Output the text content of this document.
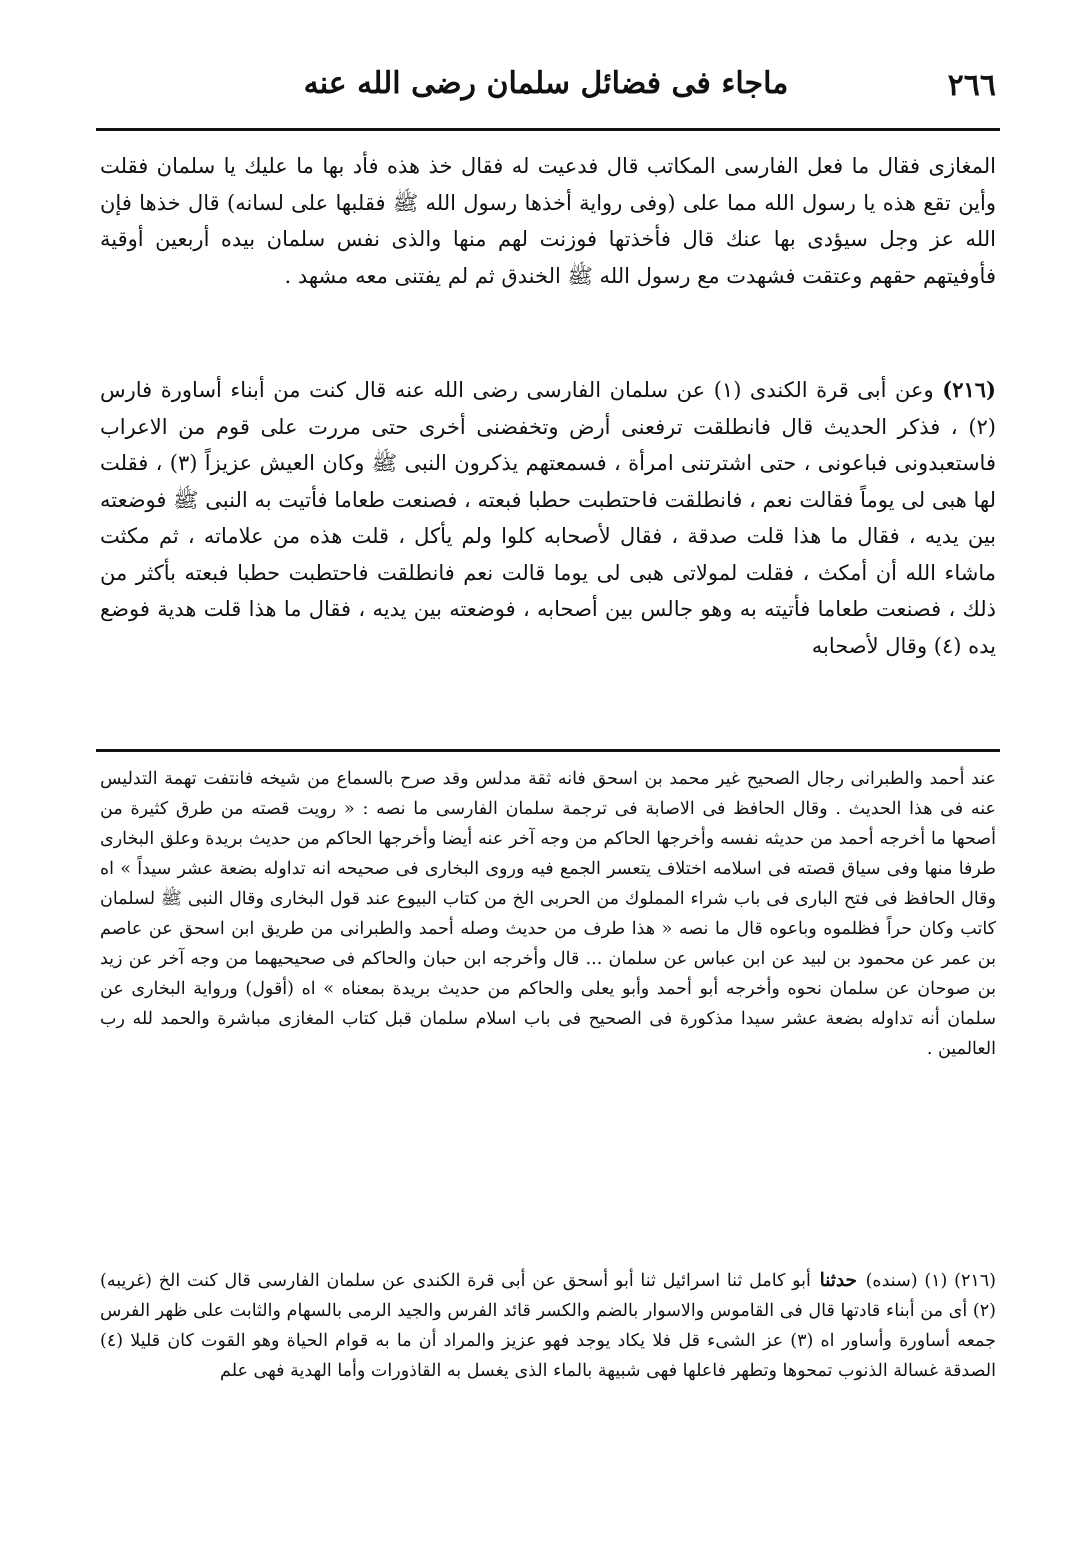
٢٦٦
ماجاء فى فضائل سلمان رضى الله عنه

المغازى فقال ما فعل الفارسى المكاتب قال فدعيت له فقال خذ هذه فأد بها ما عليك يا سلمان فقلت وأين تقع هذه يا رسول الله مما على (وفى رواية أخذها رسول الله ﷺ فقلبها على لسانه) قال خذها فإن الله عز وجل سيؤدى بها عنك قال فأخذتها فوزنت لهم منها والذى نفس سلمان بيده أربعين أوقية فأوفيتهم حقهم وعتقت فشهدت مع رسول الله ﷺ الخندق ثم لم يفتنى معه مشهد .

(٢١٦) وعن أبى قرة الكندى (١) عن سلمان الفارسى رضى الله عنه قال كنت من أبناء أساورة فارس (٢) ، فذكر الحديث قال فانطلقت ترفعنى أرض وتخفضنى أخرى حتى مررت على قوم من الاعراب فاستعبدونى فباعونى ، حتى اشترتنى امرأة ، فسمعتهم يذكرون النبى ﷺ وكان العيش عزيزاً (٣) ، فقلت لها هبى لى يوماً فقالت نعم ، فانطلقت فاحتطبت حطبا فبعته ، فصنعت طعاما فأتيت به النبى ﷺ فوضعته بين يديه ، فقال ما هذا قلت صدقة ، فقال لأصحابه كلوا ولم يأكل ، قلت هذه من علاماته ، ثم مكثت ماشاء الله أن أمكث ، فقلت لمولاتى هبى لى يوما قالت نعم فانطلقت فاحتطبت حطبا فبعته بأكثر من ذلك ، فصنعت طعاما فأتيته به وهو جالس بين أصحابه ، فوضعته بين يديه ، فقال ما هذا قلت هدية فوضع يده (٤) وقال لأصحابه

عند أحمد والطبرانى رجال الصحيح غير محمد بن اسحق فانه ثقة مدلس وقد صرح بالسماع من شيخه فانتفت تهمة التدليس عنه فى هذا الحديث . وقال الحافظ فى الاصابة فى ترجمة سلمان الفارسى ما نصه : « رويت قصته من طرق كثيرة من أصحها ما أخرجه أحمد من حديثه نفسه وأخرجها الحاكم من وجه آخر عنه أيضا وأخرجها الحاكم من حديث بريدة وعلق البخارى طرفا منها وفى سياق قصته فى اسلامه اختلاف يتعسر الجمع فيه وروى البخارى فى صحيحه انه تداوله بضعة عشر سيداً » اه وقال الحافظ فى فتح البارى فى باب شراء المملوك من الحربى الخ من كتاب البيوع عند قول البخارى وقال النبى ﷺ لسلمان كاتب وكان حراً فظلموه وباعوه قال ما نصه « هذا طرف من حديث وصله أحمد والطبرانى من طريق ابن اسحق عن عاصم بن عمر عن محمود بن لبيد عن ابن عباس عن سلمان ... قال وأخرجه ابن حبان والحاكم فى صحيحيهما من وجه آخر عن زيد بن صوحان عن سلمان نحوه وأخرجه أبو أحمد وأبو يعلى والحاكم من حديث بريدة بمعناه » اه (أقول) ورواية البخارى عن سلمان أنه تداوله بضعة عشر سيدا مذكورة فى الصحيح فى باب اسلام سلمان قبل كتاب المغازى مباشرة والحمد لله رب العالمين .

(٢١٦) (١) (سنده) حدثنا أبو كامل ثنا اسرائيل ثنا أبو أسحق عن أبى قرة الكندى عن سلمان الفارسى قال كنت الخ (غريبه) (٢) أى من أبناء قادتها قال فى القاموس والاسوار بالضم والكسر قائد الفرس والجيد الرمى بالسهام والثابت على ظهر الفرس جمعه أساورة وأساور اه (٣) عز الشىء قل فلا يكاد يوجد فهو عزيز والمراد أن ما به قوام الحياة وهو القوت كان قليلا (٤) الصدقة غسالة الذنوب تمحوها وتطهر فاعلها فهى شبيهة بالماء الذى يغسل به القاذورات وأما الهدية فهى علم
